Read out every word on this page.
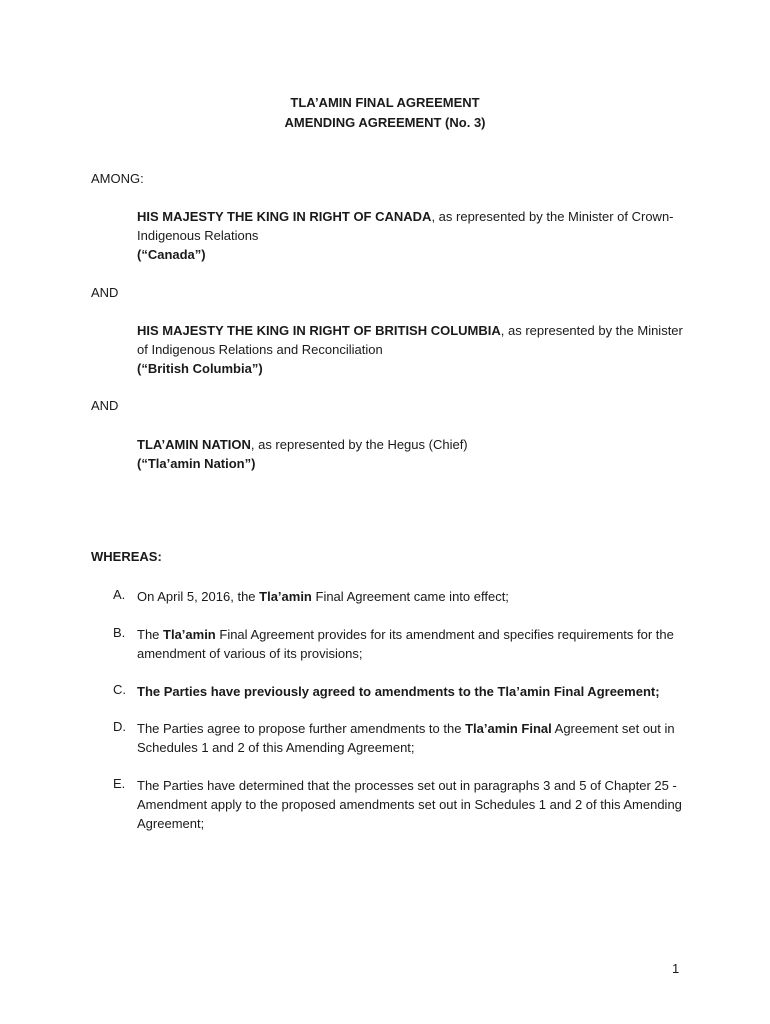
TLA’AMIN FINAL AGREEMENT
AMENDING AGREEMENT (No. 3)
AMONG:
HIS MAJESTY THE KING IN RIGHT OF CANADA, as represented by the Minister of Crown-Indigenous Relations
(“Canada”)
AND
HIS MAJESTY THE KING IN RIGHT OF BRITISH COLUMBIA, as represented by the Minister of Indigenous Relations and Reconciliation
(“British Columbia”)
AND
TLA’AMIN NATION, as represented by the Hegus (Chief)
(“Tla’amin Nation”)
WHEREAS:
A. On April 5, 2016, the Tla’amin Final Agreement came into effect;
B. The Tla’amin Final Agreement provides for its amendment and specifies requirements for the amendment of various of its provisions;
C. The Parties have previously agreed to amendments to the Tla’amin Final Agreement;
D. The Parties agree to propose further amendments to the Tla’amin Final Agreement set out in Schedules 1 and 2 of this Amending Agreement;
E. The Parties have determined that the processes set out in paragraphs 3 and 5 of Chapter 25 - Amendment apply to the proposed amendments set out in Schedules 1 and 2 of this Amending Agreement;
1
